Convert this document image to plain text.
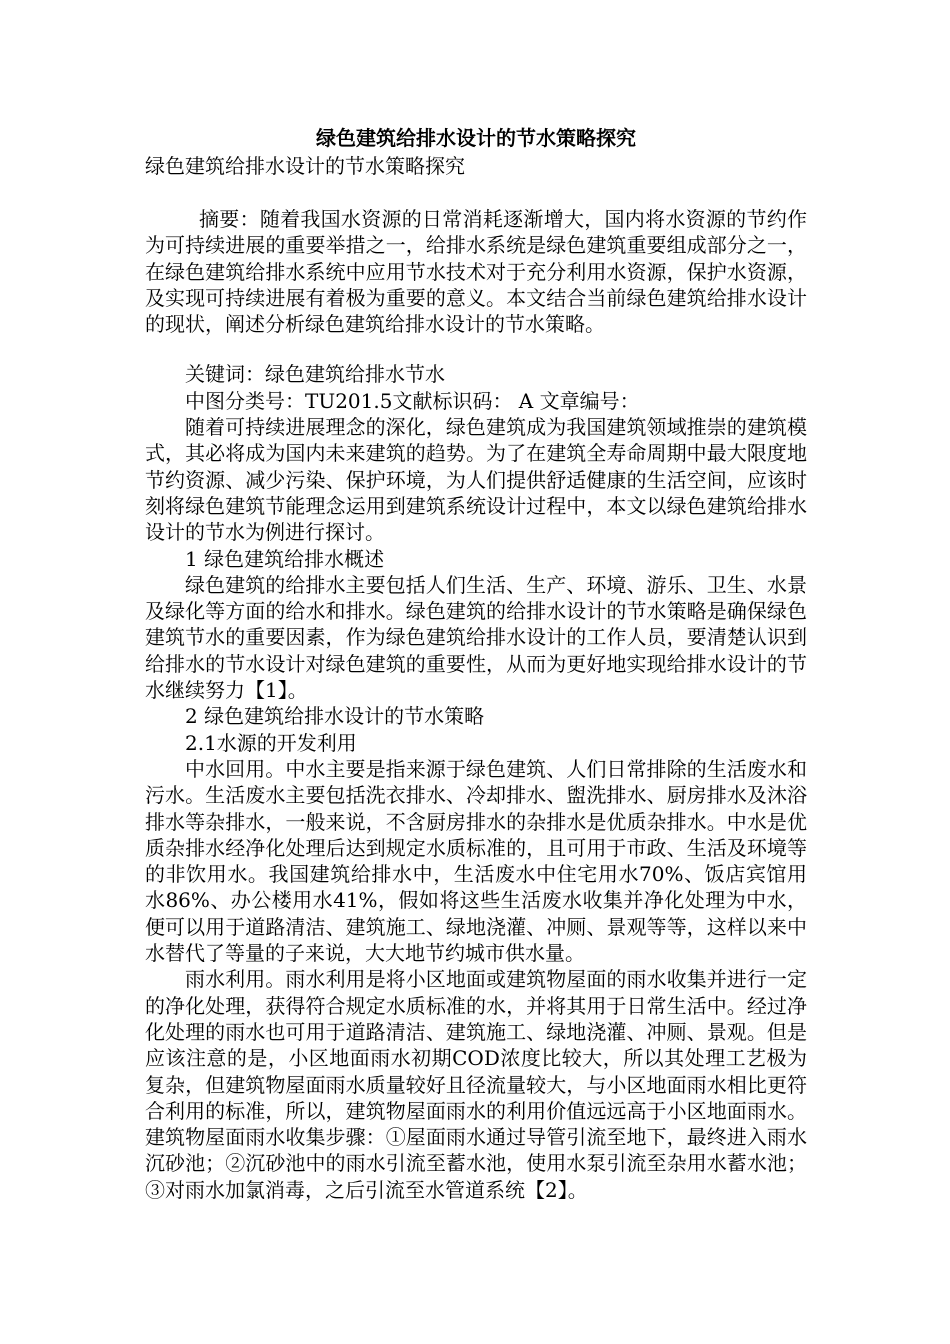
绿色建筑给排水设计的节水策略探究
绿色建筑给排水设计的节水策略探究

摘要：随着我国水资源的日常消耗逐渐增大，国内将水资源的节约作为可持续进展的重要举措之一，给排水系统是绿色建筑重要组成部分之一，在绿色建筑给排水系统中应用节水技术对于充分利用水资源，保护水资源，及实现可持续进展有着极为重要的意义。本文结合当前绿色建筑给排水设计的现状，阐述分析绿色建筑给排水设计的节水策略。

关键词：绿色建筑给排水节水

中图分类号：TU201.5文献标识码： A 文章编号：

随着可持续进展理念的深化，绿色建筑成为我国建筑领域推崇的建筑模式，其必将成为国内未来建筑的趋势。为了在建筑全寿命周期中最大限度地节约资源、减少污染、保护环境，为人们提供舒适健康的生活空间，应该时刻将绿色建筑节能理念运用到建筑系统设计过程中，本文以绿色建筑给排水设计的节水为例进行探讨。

1 绿色建筑给排水概述

绿色建筑的给排水主要包括人们生活、生产、环境、游乐、卫生、水景及绿化等方面的给水和排水。绿色建筑的给排水设计的节水策略是确保绿色建筑节水的重要因素，作为绿色建筑给排水设计的工作人员，要清楚认识到给排水的节水设计对绿色建筑的重要性，从而为更好地实现给排水设计的节水继续努力【1】。

2 绿色建筑给排水设计的节水策略

2.1水源的开发利用

中水回用。中水主要是指来源于绿色建筑、人们日常排除的生活废水和污水。生活废水主要包括洗衣排水、冷却排水、盥洗排水、厨房排水及沐浴排水等杂排水，一般来说，不含厨房排水的杂排水是优质杂排水。中水是优质杂排水经净化处理后达到规定水质标准的，且可用于市政、生活及环境等的非饮用水。我国建筑给排水中，生活废水中住宅用水70%、饭店宾馆用水86%、办公楼用水41%，假如将这些生活废水收集并净化处理为中水，便可以用于道路清洁、建筑施工、绿地浇灌、冲厕、景观等等，这样以来中水替代了等量的子来说，大大地节约城市供水量。

雨水利用。雨水利用是将小区地面或建筑物屋面的雨水收集并进行一定的净化处理，获得符合规定水质标准的水，并将其用于日常生活中。经过净化处理的雨水也可用于道路清洁、建筑施工、绿地浇灌、冲厕、景观。但是应该注意的是，小区地面雨水初期COD浓度比较大，所以其处理工艺极为复杂，但建筑物屋面雨水质量较好且径流量较大，与小区地面雨水相比更符合利用的标准，所以，建筑物屋面雨水的利用价值远远高于小区地面雨水。建筑物屋面雨水收集步骤：①屋面雨水通过导管引流至地下，最终进入雨水沉砂池；②沉砂池中的雨水引流至蓄水池，使用水泵引流至杂用水蓄水池；③对雨水加氯消毒，之后引流至水管道系统【2】。
